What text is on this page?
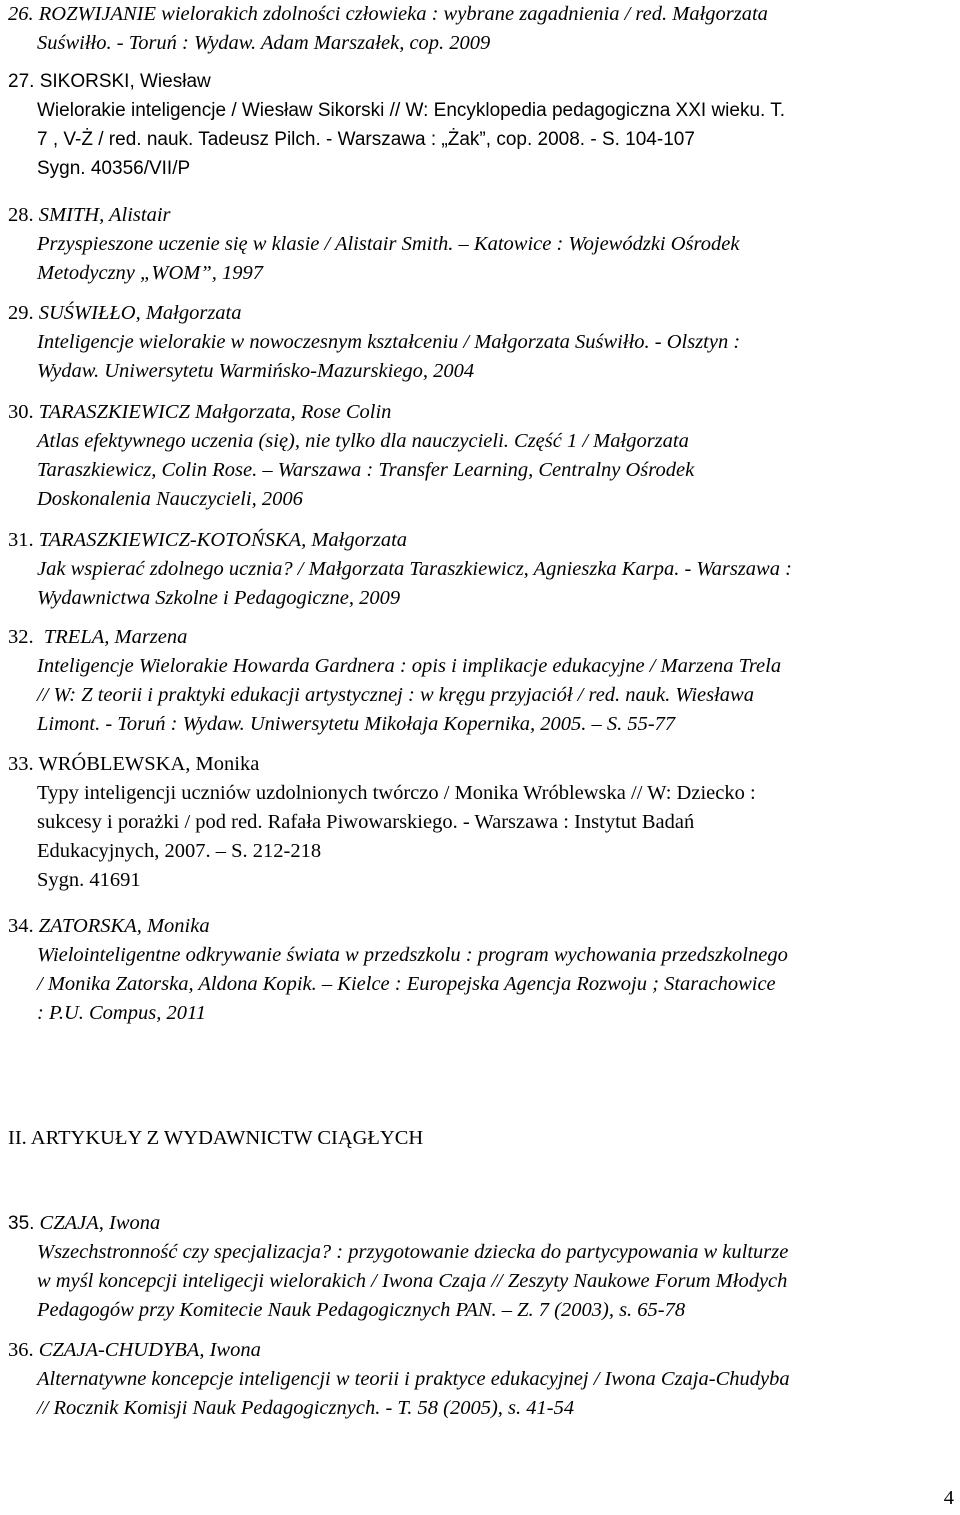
26. ROZWIJANIE wielorakich zdolności człowieka : wybrane zagadnienia / red. Małgorzata
Suświłło. - Toruń : Wydaw. Adam Marszałek, cop. 2009
27. SIKORSKI, Wiesław
Wielorakie inteligencje / Wiesław Sikorski // W: Encyklopedia pedagogiczna XXI wieku. T.
7 , V-Ż / red. nauk. Tadeusz Pilch. - Warszawa : „Żak”, cop. 2008. - S. 104-107
Sygn. 40356/VII/P
28. SMITH, Alistair
Przyspieszone uczenie się w klasie / Alistair Smith. – Katowice : Wojewódzki Ośrodek
Metodyczny „WOM”, 1997
29. SUŚWIŁŁO, Małgorzata
Inteligencje wielorakie w nowoczesnym kształceniu / Małgorzata Suświłło. - Olsztyn :
Wydaw. Uniwersytetu Warmińsko-Mazurskiego, 2004
30. TARASZKIEWICZ Małgorzata, Rose Colin
Atlas efektywnego uczenia (się), nie tylko dla nauczycieli. Część 1 / Małgorzata
Taraszkiewicz, Colin Rose. – Warszawa : Transfer Learning, Centralny Ośrodek
Doskonalenia Nauczycieli, 2006
31. TARASZKIEWICZ-KOTOŃSKA, Małgorzata
Jak wspierać zdolnego ucznia? / Małgorzata Taraszkiewicz, Agnieszka Karpa. - Warszawa :
Wydawnictwa Szkolne i Pedagogiczne, 2009
32. TRELA, Marzena
Inteligencje Wielorakie Howarda Gardnera : opis i implikacje edukacyjne / Marzena Trela
// W: Z teorii i praktyki edukacji artystycznej : w kręgu przyjaciół / red. nauk. Wiesława
Limont. - Toruń : Wydaw. Uniwersytetu Mikołaja Kopernika, 2005. – S. 55-77
33. WRÓBLEWSKA, Monika
Typy inteligencji uczniów uzdolnionych twórczo / Monika Wróblewska // W: Dziecko :
sukcesy i porażki / pod red. Rafała Piwowarskiego. - Warszawa : Instytut Badań
Edukacyjnych, 2007. – S. 212-218
Sygn. 41691
34. ZATORSKA, Monika
Wielointeligentne odkrywanie świata w przedszkolu : program wychowania przedszkolnego
/ Monika Zatorska, Aldona Kopik. – Kielce : Europejska Agencja Rozwoju ; Starachowice
: P.U. Compus, 2011
II. ARTYKUŁY Z WYDAWNICTW CIĄGŁYCH
35. CZAJA, Iwona
Wszechstronność czy specjalizacja? : przygotowanie dziecka do partycypowania w kulturze
w myśl koncepcji inteligecji wielorakich / Iwona Czaja // Zeszyty Naukowe Forum Młodych
Pedagogów przy Komitecie Nauk Pedagogicznych PAN. – Z. 7 (2003), s. 65-78
36. CZAJA-CHUDYBA, Iwona
Alternatywne koncepcje inteligencji w teorii i praktyce edukacyjnej / Iwona Czaja-Chudyba
// Rocznik Komisji Nauk Pedagogicznych. - T. 58 (2005), s. 41-54
4
